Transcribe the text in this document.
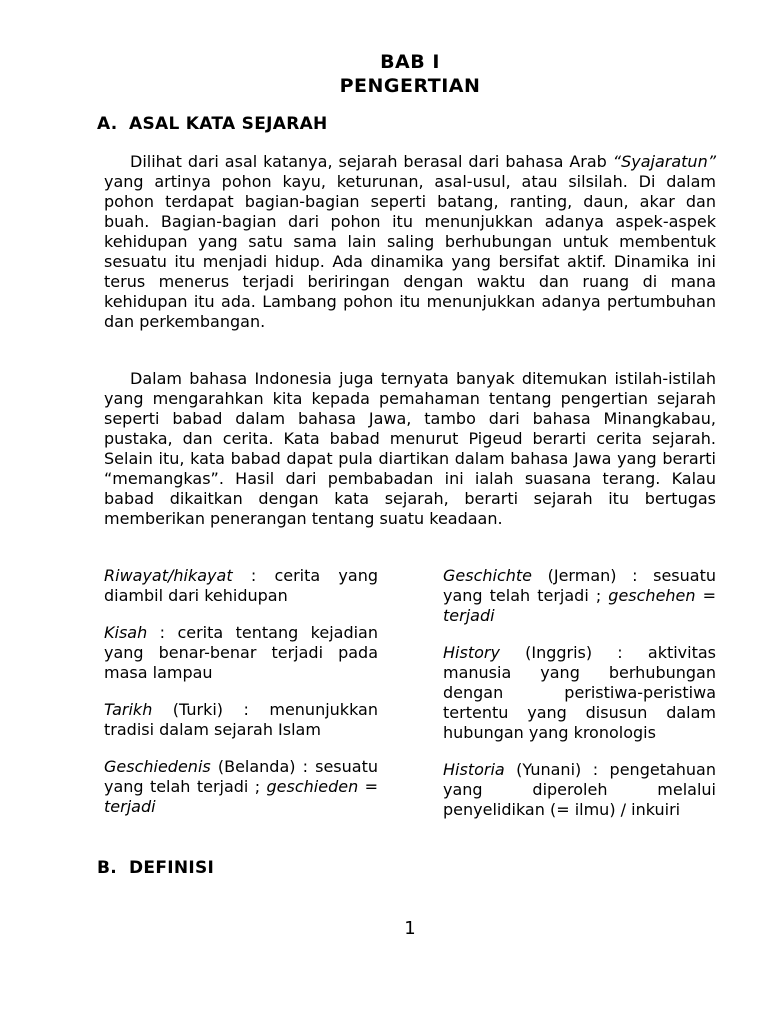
BAB I
PENGERTIAN
A. ASAL KATA SEJARAH

Dilihat dari asal katanya, sejarah berasal dari bahasa Arab “Syajaratun” yang artinya pohon kayu, keturunan, asal-usul, atau silsilah. Di dalam pohon terdapat bagian-bagian seperti batang, ranting, daun, akar dan buah. Bagian-bagian dari pohon itu menunjukkan adanya aspek-aspek kehidupan yang satu sama lain saling berhubungan untuk membentuk sesuatu itu menjadi hidup. Ada dinamika yang bersifat aktif. Dinamika ini terus menerus terjadi beriringan dengan waktu dan ruang di mana kehidupan itu ada. Lambang pohon itu menunjukkan adanya pertumbuhan dan perkembangan.

Dalam bahasa Indonesia juga ternyata banyak ditemukan istilah-istilah yang mengarahkan kita kepada pemahaman tentang pengertian sejarah seperti babad dalam bahasa Jawa, tambo dari bahasa Minangkabau, pustaka, dan cerita. Kata babad menurut Pigeud berarti cerita sejarah. Selain itu, kata babad dapat pula diartikan dalam bahasa Jawa yang berarti “memangkas”. Hasil dari pembabadan ini ialah suasana terang. Kalau babad dikaitkan dengan kata sejarah, berarti sejarah itu bertugas memberikan penerangan tentang suatu keadaan.

Riwayat/hikayat : cerita yang diambil dari kehidupan

Kisah : cerita tentang kejadian yang benar-benar terjadi pada masa lampau

Tarikh (Turki) : menunjukkan tradisi dalam sejarah Islam

Geschiedenis (Belanda) : sesuatu yang telah terjadi ; geschieden = terjadi

Geschichte (Jerman) : sesuatu yang telah terjadi ; geschehen = terjadi

History (Inggris) : aktivitas manusia yang berhubungan dengan peristiwa-peristiwa tertentu yang disusun dalam hubungan yang kronologis

Historia (Yunani) : pengetahuan yang diperoleh melalui penyelidikan (= ilmu) / inkuiri

B. DEFINISI
1
